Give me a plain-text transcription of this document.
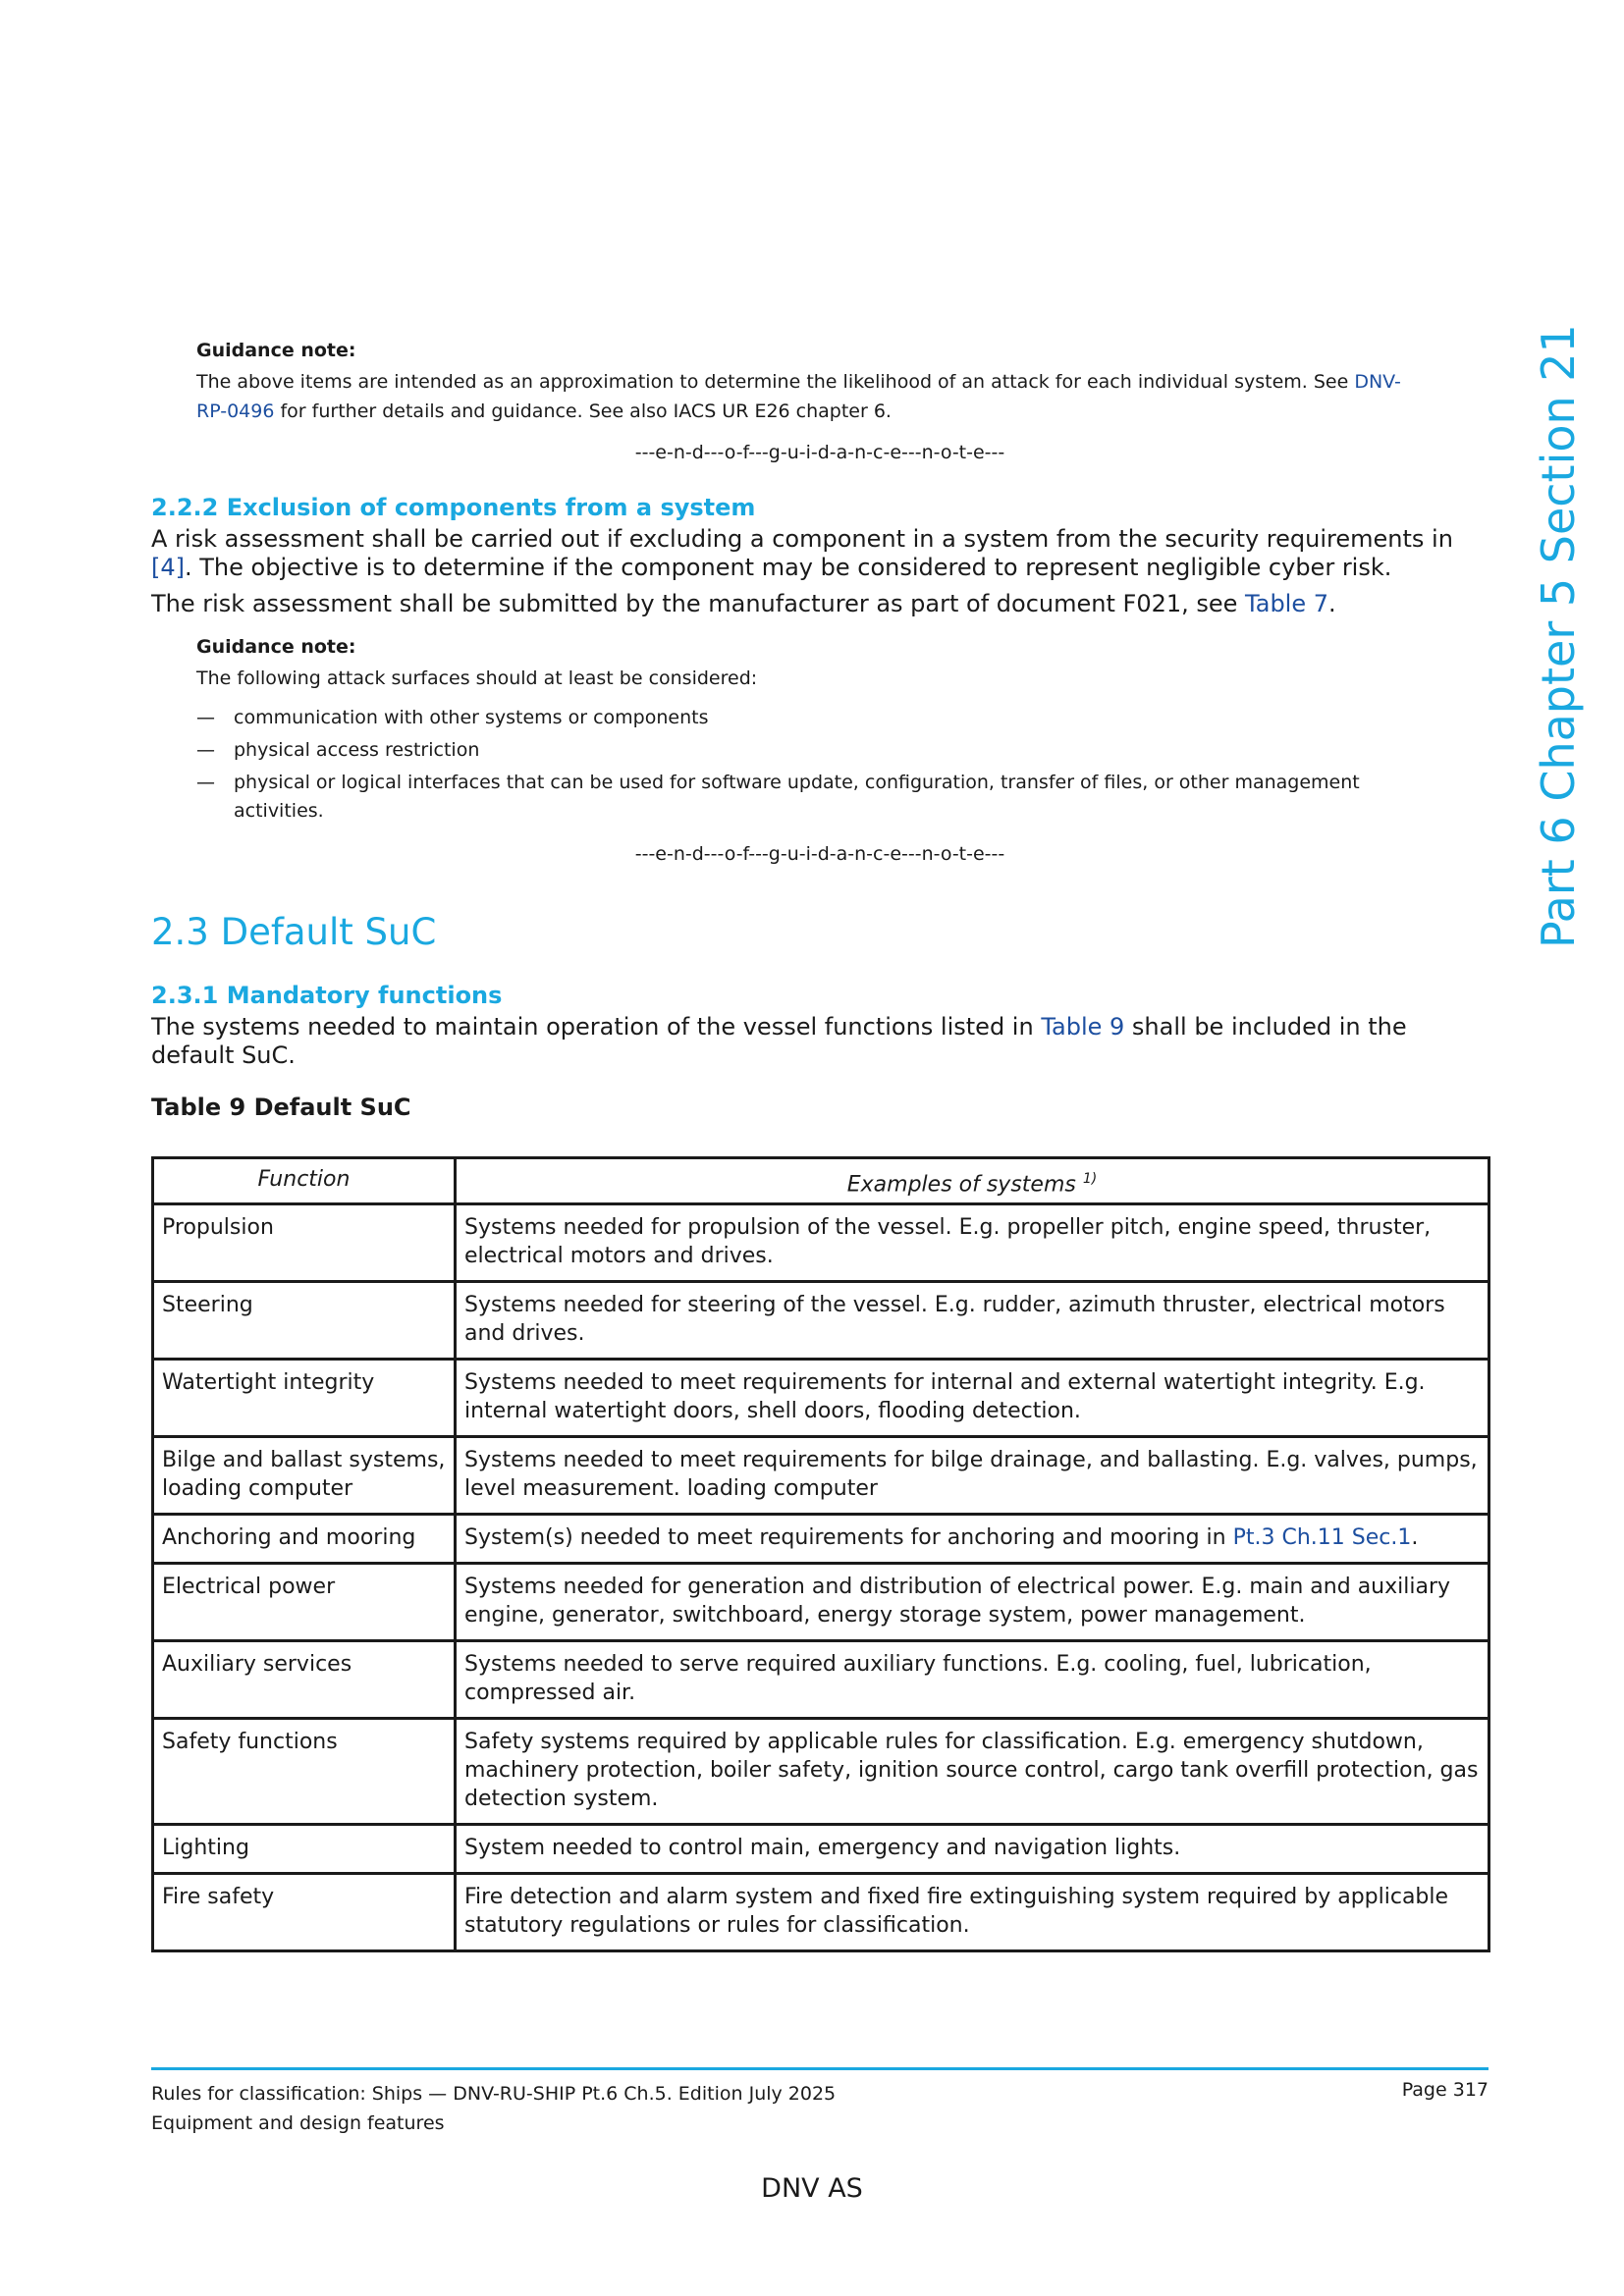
Guidance note:
The above items are intended as an approximation to determine the likelihood of an attack for each individual system. See DNV-RP-0496 for further details and guidance. See also IACS UR E26 chapter 6.
---e-n-d---o-f---g-u-i-d-a-n-c-e---n-o-t-e---
2.2.2 Exclusion of components from a system
A risk assessment shall be carried out if excluding a component in a system from the security requirements in [4]. The objective is to determine if the component may be considered to represent negligible cyber risk.
The risk assessment shall be submitted by the manufacturer as part of document F021, see Table 7.
Guidance note:
The following attack surfaces should at least be considered:
— communication with other systems or components
— physical access restriction
— physical or logical interfaces that can be used for software update, configuration, transfer of files, or other management activities.
---e-n-d---o-f---g-u-i-d-a-n-c-e---n-o-t-e---
2.3 Default SuC
2.3.1 Mandatory functions
The systems needed to maintain operation of the vessel functions listed in Table 9 shall be included in the default SuC.
Table 9 Default SuC
Function	Examples of systems $^{1)}$
Propulsion	Systems needed for propulsion of the vessel. E.g. propeller pitch, engine speed, thruster, electrical motors and drives.
Steering	Systems needed for steering of the vessel. E.g. rudder, azimuth thruster, electrical motors and drives.
Watertight integrity	Systems needed to meet requirements for internal and external watertight integrity. E.g. internal watertight doors, shell doors, flooding detection.
Bilge and ballast systems, loading computer	Systems needed to meet requirements for bilge drainage, and ballasting. E.g. valves, pumps, level measurement. loading computer
Anchoring and mooring	System(s) needed to meet requirements for anchoring and mooring in Pt.3 Ch.11 Sec.1.
Electrical power	Systems needed for generation and distribution of electrical power. E.g. main and auxiliary engine, generator, switchboard, energy storage system, power management.
Auxiliary services	Systems needed to serve required auxiliary functions. E.g. cooling, fuel, lubrication, compressed air.
Safety functions	Safety systems required by applicable rules for classification. E.g. emergency shutdown, machinery protection, boiler safety, ignition source control, cargo tank overfill protection, gas detection system.
Lighting	System needed to control main, emergency and navigation lights.
Fire safety	Fire detection and alarm system and fixed fire extinguishing system required by applicable statutory regulations or rules for classification.
Part 6 Chapter 5 Section 21
Rules for classification: Ships — DNV-RU-SHIP Pt.6 Ch.5. Edition July 2025
Equipment and design features
Page 317
DNV AS
